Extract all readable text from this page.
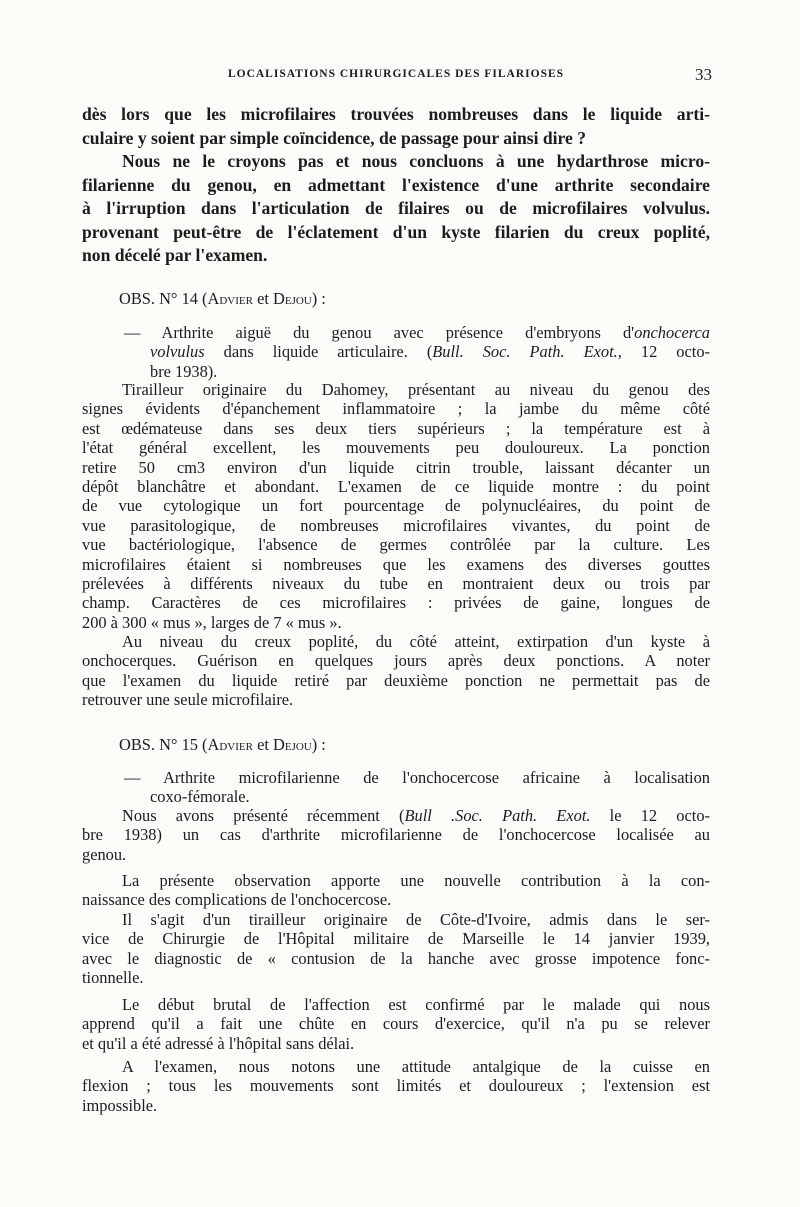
LOCALISATIONS CHIRURGICALES DES FILARIOSES	33
dès lors que les microfilaires trouvées nombreuses dans le liquide arti-
culaire y soient par simple coïncidence, de passage pour ainsi dire ?
Nous ne le croyons pas et nous concluons à une hydarthrose micro-
filarienne du genou, en admettant l'existence d'une arthrite secondaire
à l'irruption dans l'articulation de filaires ou de microfilaires volvulus.
provenant peut-être de l'éclatement d'un kyste filarien du creux poplité,
non décelé par l'examen.
OBS. N° 14 (Advier et Dejou) :
— Arthrite aiguë du genou avec présence d'embryons d'onchocerca
volvulus dans liquide articulaire. (Bull. Soc. Path. Exot., 12 octo-
bre 1938).
Tirailleur originaire du Dahomey, présentant au niveau du genou des
signes évidents d'épanchement inflammatoire ; la jambe du même côté
est œdémateuse dans ses deux tiers supérieurs ; la température est à
l'état général excellent, les mouvements peu douloureux. La ponction
retire 50 cm3 environ d'un liquide citrin trouble, laissant décanter un
dépôt blanchâtre et abondant. L'examen de ce liquide montre : du point
de vue cytologique un fort pourcentage de polynucléaires, du point de
vue parasitologique, de nombreuses microfilaires vivantes, du point de
vue bactériologique, l'absence de germes contrôlée par la culture. Les
microfilaires étaient si nombreuses que les examens des diverses gouttes
prélevées à différents niveaux du tube en montraient deux ou trois par
champ. Caractères de ces microfilaires : privées de gaine, longues de
200 à 300 « mus », larges de 7 « mus ».
Au niveau du creux poplité, du côté atteint, extirpation d'un kyste à
onchocerques. Guérison en quelques jours après deux ponctions. A noter
que l'examen du liquide retiré par deuxième ponction ne permettait pas de
retrouver une seule microfilaire.
OBS. N° 15 (Advier et Dejou) :
— Arthrite microfilarienne de l'onchocercose africaine à localisation
coxo-fémorale.
Nous avons présenté récemment (Bull .Soc. Path. Exot. le 12 octo-
bre 1938) un cas d'arthrite microfilarienne de l'onchocercose localisée au
genou.
La présente observation apporte une nouvelle contribution à la con-
naissance des complications de l'onchocercose.
Il s'agit d'un tirailleur originaire de Côte-d'Ivoire, admis dans le ser-
vice de Chirurgie de l'Hôpital militaire de Marseille le 14 janvier 1939,
avec le diagnostic de « contusion de la hanche avec grosse impotence fonc-
tionnelle.
Le début brutal de l'affection est confirmé par le malade qui nous
apprend qu'il a fait une chûte en cours d'exercice, qu'il n'a pu se relever
et qu'il a été adressé à l'hôpital sans délai.
A l'examen, nous notons une attitude antalgique de la cuisse en
flexion ; tous les mouvements sont limités et douloureux ; l'extension est
impossible.
